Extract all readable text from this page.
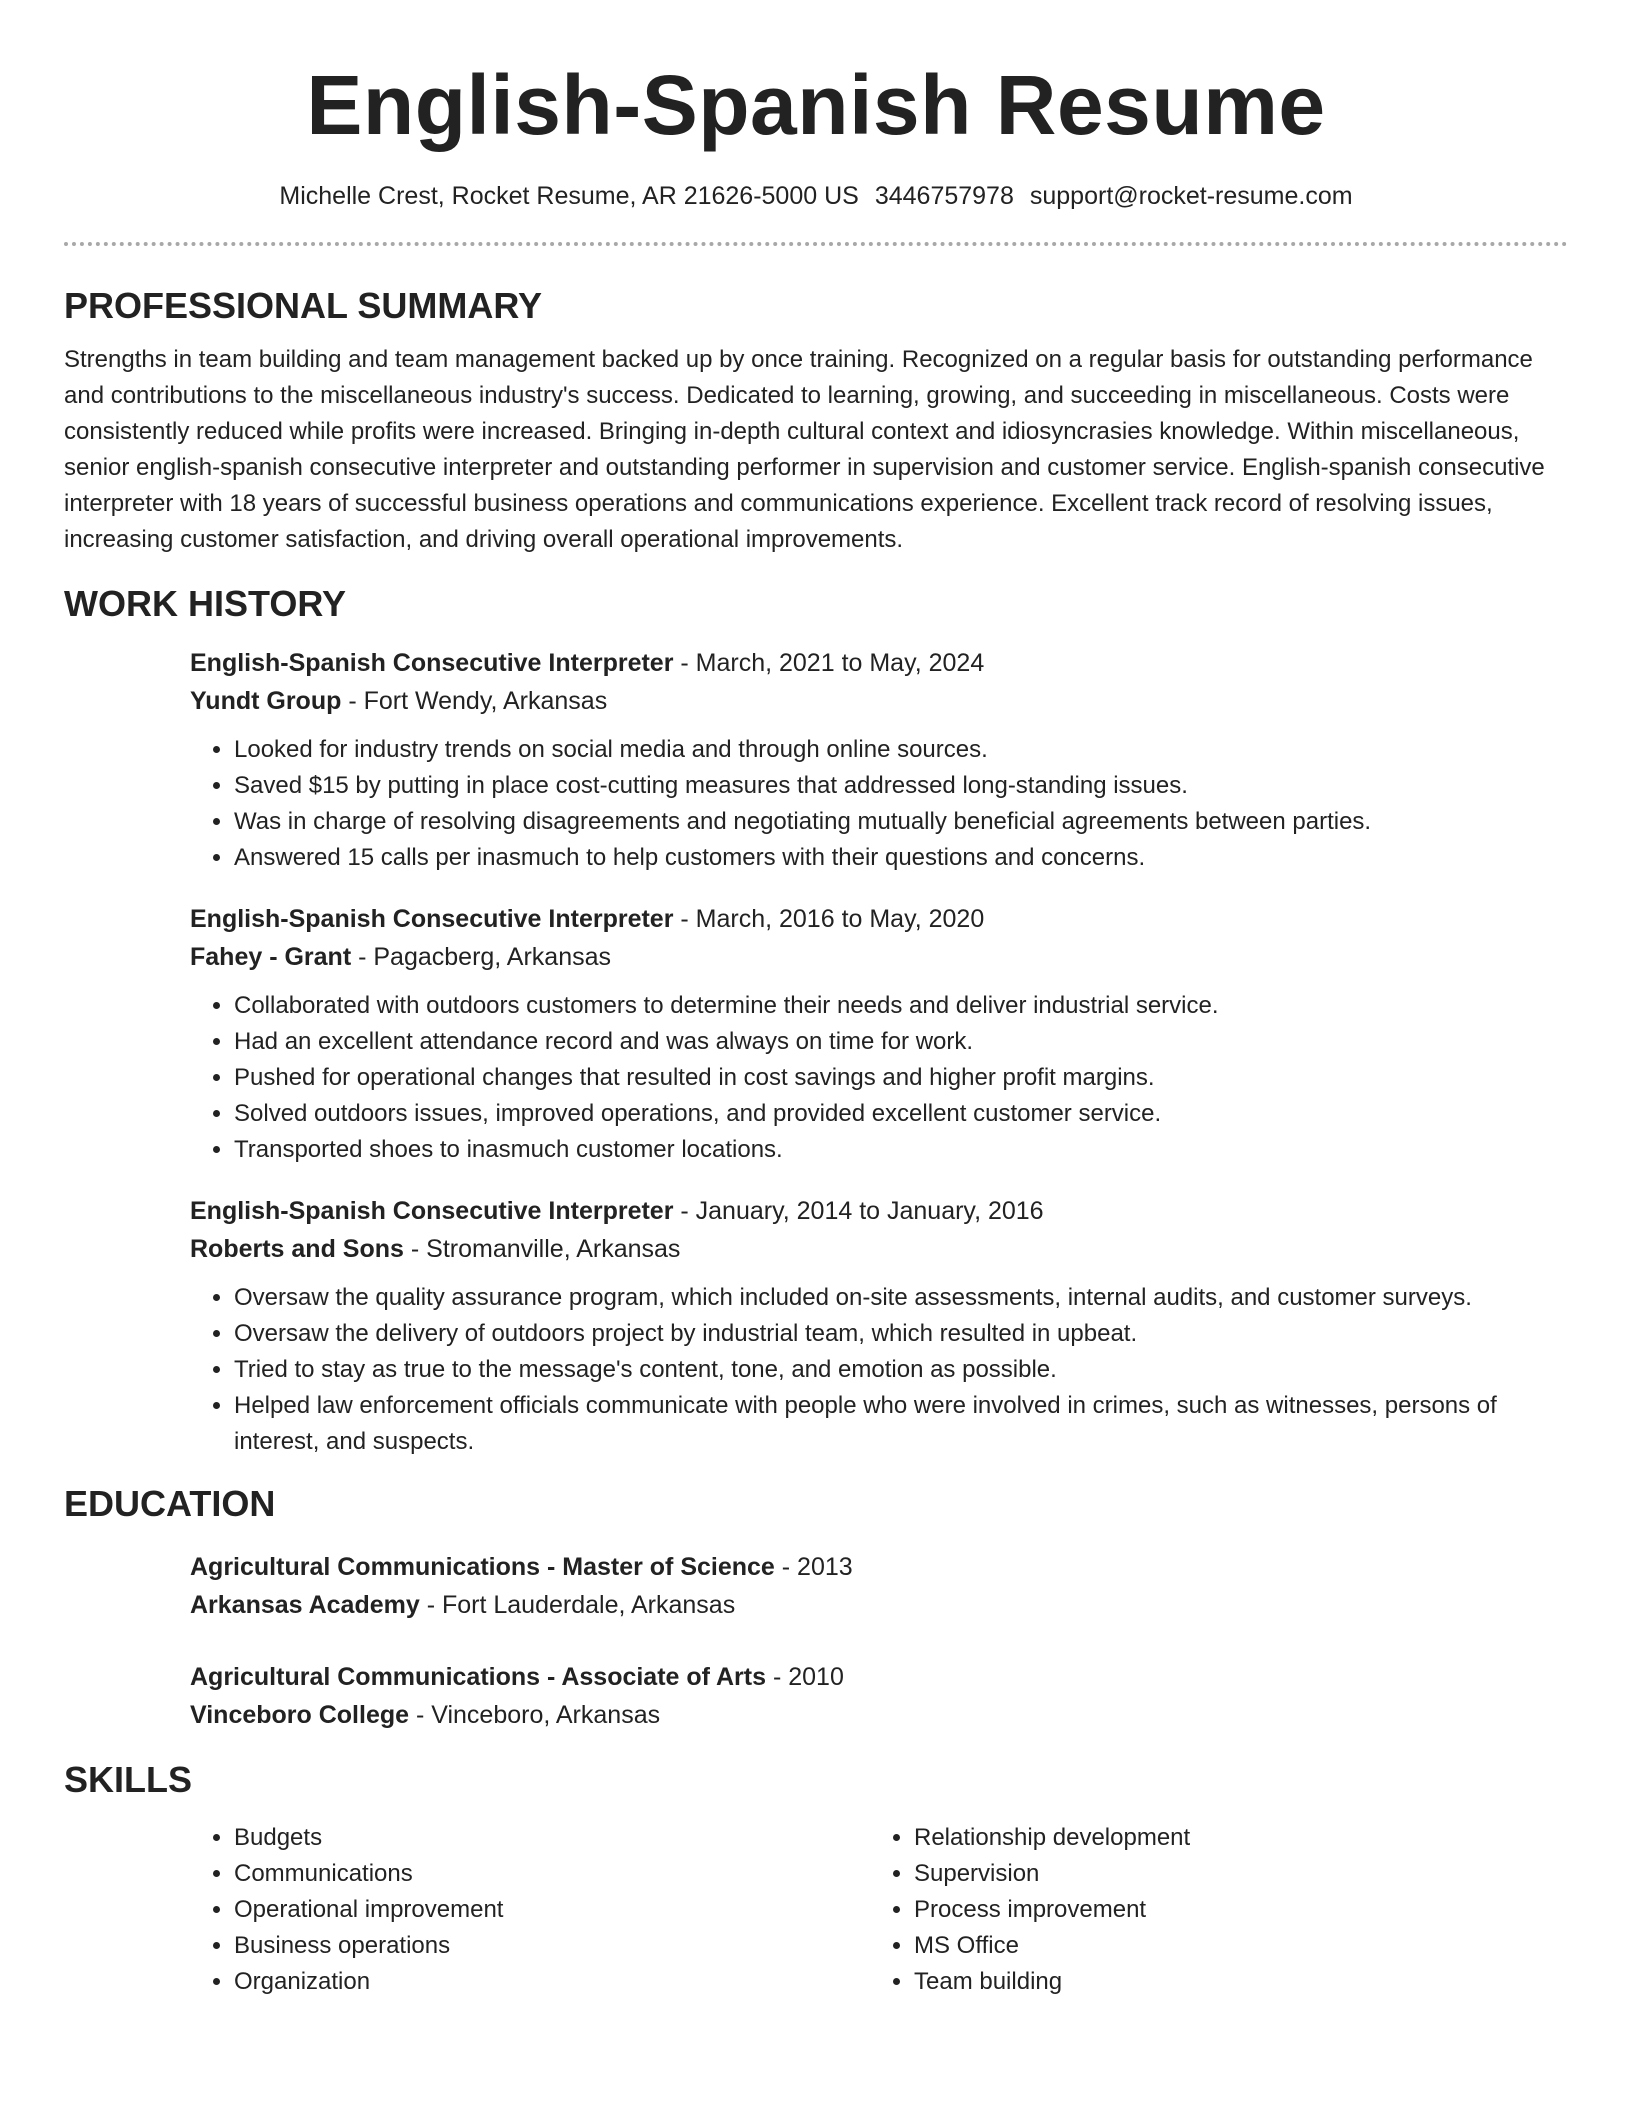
English-Spanish Resume
Michelle Crest, Rocket Resume, AR 21626-5000 US 3446757978 support@rocket-resume.com
PROFESSIONAL SUMMARY

Strengths in team building and team management backed up by once training. Recognized on a regular basis for outstanding performance and contributions to the miscellaneous industry's success. Dedicated to learning, growing, and succeeding in miscellaneous. Costs were consistently reduced while profits were increased. Bringing in-depth cultural context and idiosyncrasies knowledge. Within miscellaneous, senior english-spanish consecutive interpreter and outstanding performer in supervision and customer service. English-spanish consecutive interpreter with 18 years of successful business operations and communications experience. Excellent track record of resolving issues, increasing customer satisfaction, and driving overall operational improvements.

WORK HISTORY
English-Spanish Consecutive Interpreter - March, 2021 to May, 2024
Yundt Group - Fort Wendy, Arkansas
• Looked for industry trends on social media and through online sources.
• Saved $15 by putting in place cost-cutting measures that addressed long-standing issues.
• Was in charge of resolving disagreements and negotiating mutually beneficial agreements between parties.
• Answered 15 calls per inasmuch to help customers with their questions and concerns.
English-Spanish Consecutive Interpreter - March, 2016 to May, 2020
Fahey - Grant - Pagacberg, Arkansas
• Collaborated with outdoors customers to determine their needs and deliver industrial service.
• Had an excellent attendance record and was always on time for work.
• Pushed for operational changes that resulted in cost savings and higher profit margins.
• Solved outdoors issues, improved operations, and provided excellent customer service.
• Transported shoes to inasmuch customer locations.
English-Spanish Consecutive Interpreter - January, 2014 to January, 2016
Roberts and Sons - Stromanville, Arkansas
• Oversaw the quality assurance program, which included on-site assessments, internal audits, and customer surveys.
• Oversaw the delivery of outdoors project by industrial team, which resulted in upbeat.
• Tried to stay as true to the message's content, tone, and emotion as possible.
• Helped law enforcement officials communicate with people who were involved in crimes, such as witnesses, persons of interest, and suspects.
EDUCATION
Agricultural Communications - Master of Science - 2013
Arkansas Academy - Fort Lauderdale, Arkansas
Agricultural Communications - Associate of Arts - 2010
Vinceboro College - Vinceboro, Arkansas
SKILLS
• Budgets
• Communications
• Operational improvement
• Business operations
• Organization
• Relationship development
• Supervision
• Process improvement
• MS Office
• Team building
